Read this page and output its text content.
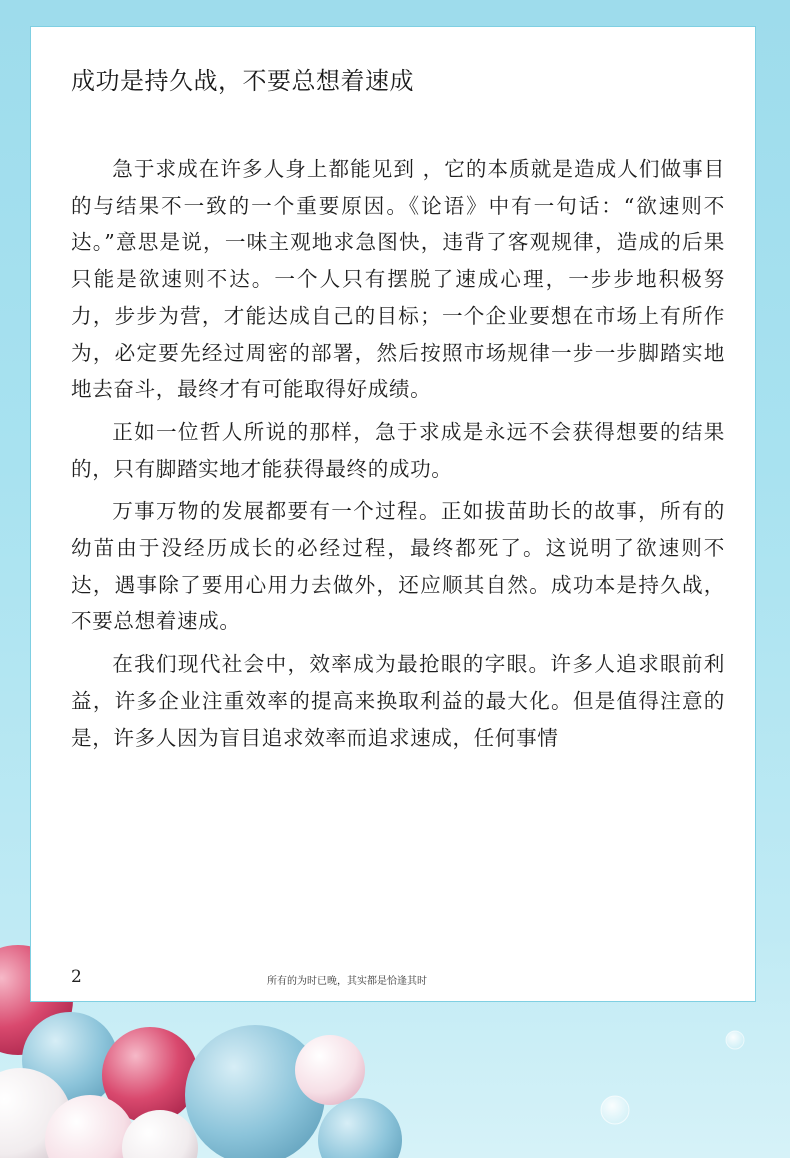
成功是持久战，不要总想着速成

急于求成在许多人身上都能见到 ，它的本质就是造成人们做事目的与结果不一致的一个重要原因。《论语》中有一句话：“欲速则不达。”意思是说，一味主观地求急图快，违背了客观规律，造成的后果只能是欲速则不达。一个人只有摆脱了速成心理，一步步地积极努力，步步为营，才能达成自己的目标；一个企业要想在市场上有所作为，必定要先经过周密的部署，然后按照市场规律一步一步脚踏实地地去奋斗，最终才有可能取得好成绩。

正如一位哲人所说的那样，急于求成是永远不会获得想要的结果的，只有脚踏实地才能获得最终的成功。

万事万物的发展都要有一个过程。正如拔苗助长的故事，所有的幼苗由于没经历成长的必经过程，最终都死了。这说明了欲速则不达，遇事除了要用心用力去做外，还应顺其自然。成功本是持久战，不要总想着速成。

在我们现代社会中，效率成为最抢眼的字眼。许多人追求眼前利益，许多企业注重效率的提高来换取利益的最大化。但是值得注意的是，许多人因为盲目追求效率而追求速成，任何事情

2	所有的为时已晚，其实都是恰逢其时
